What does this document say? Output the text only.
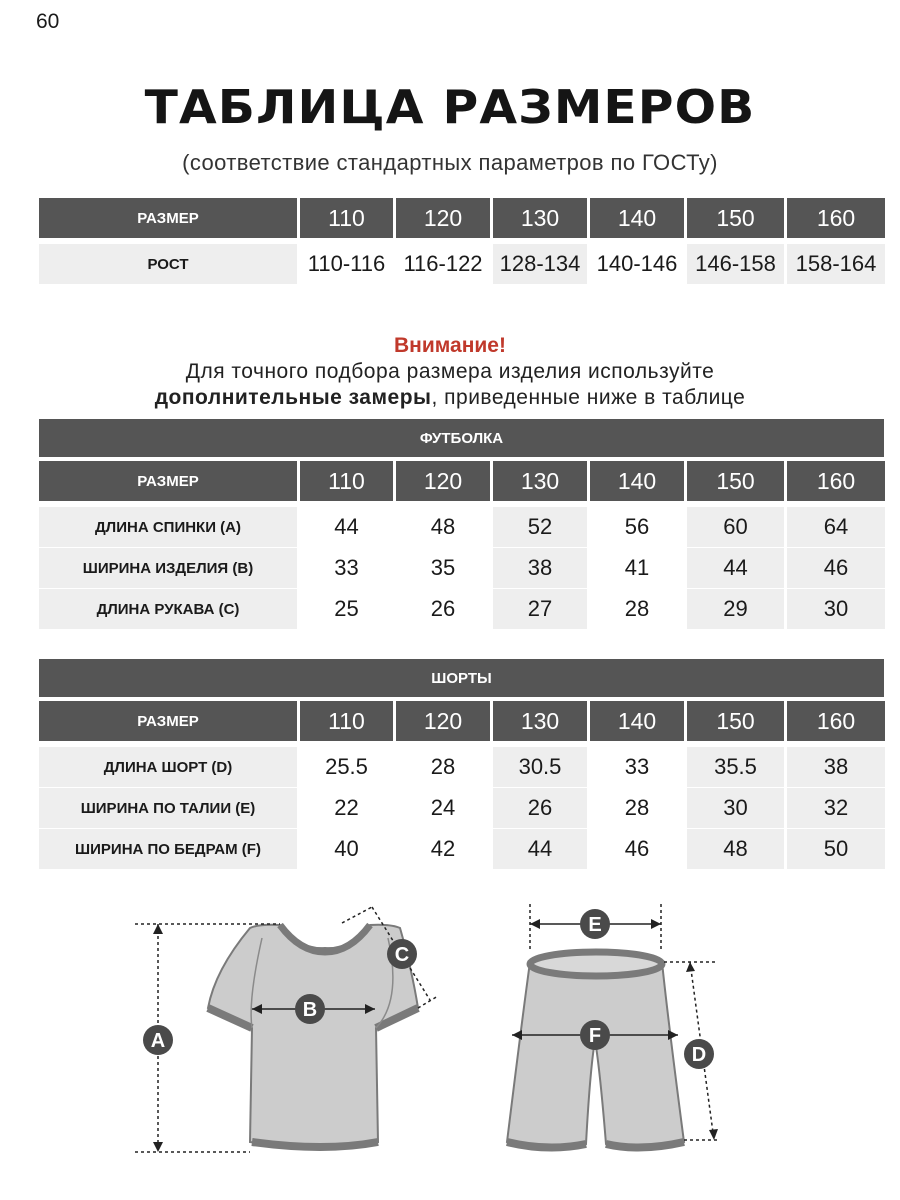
60
ТАБЛИЦА РАЗМЕРОВ
(соответствие стандартных параметров по ГОСТу)
РАЗМЕР	110	120	130	140	150	160
РОСТ	110-116 116-122 128-134 140-146 146-158 158-164
Внимание!
Для точного подбора размера изделия используйте
дополнительные замеры, приведенные ниже в таблице
ФУТБОЛКА
РАЗМЕР	110	120	130	140	150	160
ДЛИНА СПИНКИ (А)	44	48	52	56	60	64
ШИРИНА ИЗДЕЛИЯ (В)	33	35	38	41	44	46
ДЛИНА РУКАВА (С)	25	26	27	28	29	30
ШОРТЫ
РАЗМЕР	110	120	130	140	150	160
ДЛИНА ШОРТ (D)	25.5	28	30.5	33	35.5	38
ШИРИНА ПО ТАЛИИ (Е)	22	24	26	28	30	32
ШИРИНА ПО БЕДРАМ (F)	40	42	44	46	48	50
A
B
C
E
F
D
